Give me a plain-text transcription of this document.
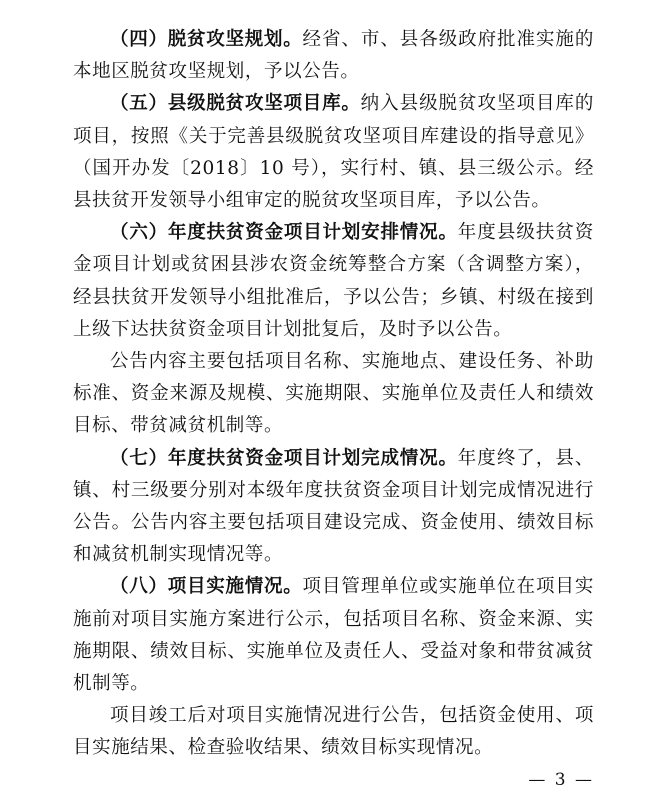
（四）脱贫攻坚规划。经省、市、县各级政府批准实施的本地区脱贫攻坚规划，予以公告。

（五）县级脱贫攻坚项目库。纳入县级脱贫攻坚项目库的项目，按照《关于完善县级脱贫攻坚项目库建设的指导意见》（国开办发〔2018〕10 号），实行村、镇、县三级公示。经县扶贫开发领导小组审定的脱贫攻坚项目库，予以公告。

（六）年度扶贫资金项目计划安排情况。年度县级扶贫资金项目计划或贫困县涉农资金统筹整合方案（含调整方案），经县扶贫开发领导小组批准后，予以公告；乡镇、村级在接到上级下达扶贫资金项目计划批复后，及时予以公告。

公告内容主要包括项目名称、实施地点、建设任务、补助标准、资金来源及规模、实施期限、实施单位及责任人和绩效目标、带贫减贫机制等。

（七）年度扶贫资金项目计划完成情况。年度终了，县、镇、村三级要分别对本级年度扶贫资金项目计划完成情况进行公告。公告内容主要包括项目建设完成、资金使用、绩效目标和减贫机制实现情况等。

（八）项目实施情况。项目管理单位或实施单位在项目实施前对项目实施方案进行公示，包括项目名称、资金来源、实施期限、绩效目标、实施单位及责任人、受益对象和带贫减贫机制等。

项目竣工后对项目实施情况进行公告，包括资金使用、项目实施结果、检查验收结果、绩效目标实现情况。

— 3 —
